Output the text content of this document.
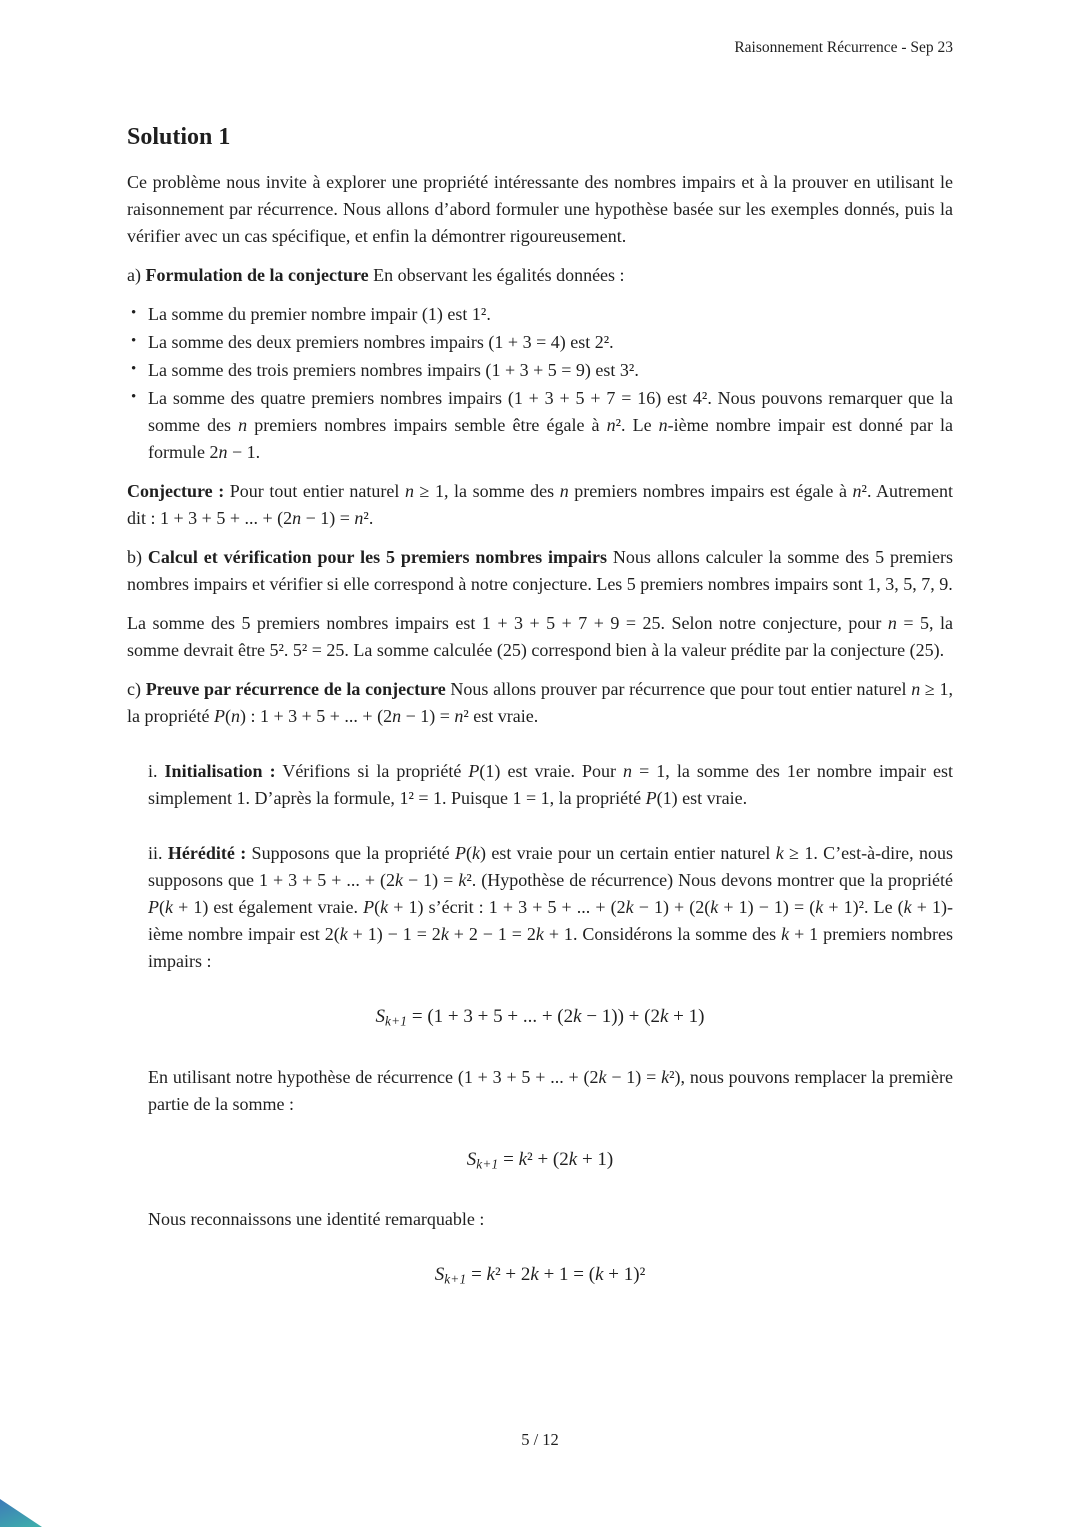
Raisonnement Récurrence - Sep 23
Solution 1

Ce problème nous invite à explorer une propriété intéressante des nombres impairs et à la prouver en utilisant le raisonnement par récurrence. Nous allons d’abord formuler une hypothèse basée sur les exemples donnés, puis la vérifier avec un cas spécifique, et enfin la démontrer rigoureusement.

a) Formulation de la conjecture En observant les égalités données :

• La somme du premier nombre impair (1) est 1².
• La somme des deux premiers nombres impairs (1 + 3 = 4) est 2².
• La somme des trois premiers nombres impairs (1 + 3 + 5 = 9) est 3².
• La somme des quatre premiers nombres impairs (1 + 3 + 5 + 7 = 16) est 4². Nous pouvons remarquer que la somme des n premiers nombres impairs semble être égale à n². Le n-ième nombre impair est donné par la formule 2n − 1.

Conjecture : Pour tout entier naturel n ≥ 1, la somme des n premiers nombres impairs est égale à n². Autrement dit : 1 + 3 + 5 + ... + (2n − 1) = n².

b) Calcul et vérification pour les 5 premiers nombres impairs Nous allons calculer la somme des 5 premiers nombres impairs et vérifier si elle correspond à notre conjecture. Les 5 premiers nombres impairs sont 1, 3, 5, 7, 9.

La somme des 5 premiers nombres impairs est 1 + 3 + 5 + 7 + 9 = 25. Selon notre conjecture, pour n = 5, la somme devrait être 5². 5² = 25. La somme calculée (25) correspond bien à la valeur prédite par la conjecture (25).

c) Preuve par récurrence de la conjecture Nous allons prouver par récurrence que pour tout entier naturel n ≥ 1, la propriété P(n) : 1 + 3 + 5 + ... + (2n − 1) = n² est vraie.

i. Initialisation : Vérifions si la propriété P(1) est vraie. Pour n = 1, la somme des 1er nombre impair est simplement 1. D’après la formule, 1² = 1. Puisque 1 = 1, la propriété P(1) est vraie.

ii. Hérédité : Supposons que la propriété P(k) est vraie pour un certain entier naturel k ≥ 1. C’est-à-dire, nous supposons que 1 + 3 + 5 + ... + (2k − 1) = k². (Hypothèse de récurrence) Nous devons montrer que la propriété P(k + 1) est également vraie. P(k + 1) s’écrit : 1 + 3 + 5 + ... + (2k − 1) + (2(k + 1) − 1) = (k + 1)². Le (k + 1)-ième nombre impair est 2(k + 1) − 1 = 2k + 2 − 1 = 2k + 1. Considérons la somme des k + 1 premiers nombres impairs :

Sk+1 = (1 + 3 + 5 + ... + (2k − 1)) + (2k + 1)

En utilisant notre hypothèse de récurrence (1 + 3 + 5 + ... + (2k − 1) = k²), nous pouvons remplacer la première partie de la somme :

Sk+1 = k² + (2k + 1)

Nous reconnaissons une identité remarquable :

Sk+1 = k² + 2k + 1 = (k + 1)²
5 / 12
